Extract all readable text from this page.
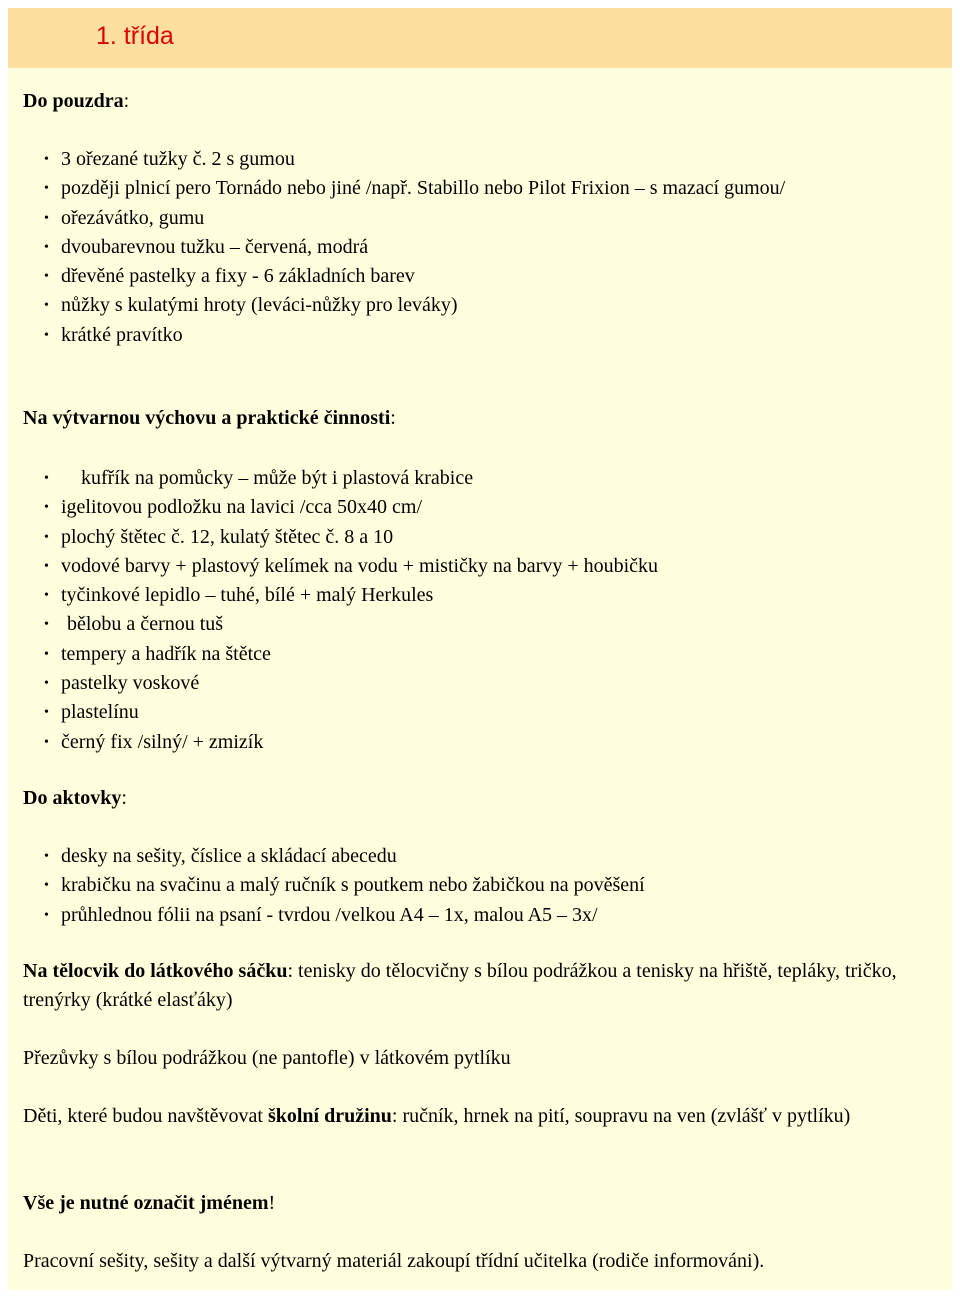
1. třída
Do pouzdra:
• 3 ořezané tužky č. 2 s gumou
• později plnicí pero Tornádo nebo jiné /např. Stabillo nebo Pilot Frixion – s mazací gumou/
• ořezávátko, gumu
• dvoubarevnou tužku – červená, modrá
• dřevěné pastelky a fixy - 6 základních barev
• nůžky s kulatými hroty (leváci-nůžky pro leváky)
• krátké pravítko
Na výtvarnou výchovu a praktické činnosti:
•	kufřík na pomůcky – může být i plastová krabice
• igelitovou podložku na lavici /cca 50x40 cm/
• plochý štětec č. 12, kulatý štětec č. 8 a 10
• vodové barvy + plastový kelímek na vodu + mističky na barvy + houbičku
• tyčinkové lepidlo – tuhé, bílé + malý Herkules
• bělobu a černou tuš
• tempery a hadřík na štětce
• pastelky voskové
• plastelínu
• černý fix /silný/ + zmizík
Do aktovky:
• desky na sešity, číslice a skládací abecedu
• krabičku na svačinu a malý ručník s poutkem nebo žabičkou na pověšení
• průhlednou fólii na psaní - tvrdou /velkou A4 – 1x, malou A5 – 3x/

Na tělocvik do látkového sáčku: tenisky do tělocvičny s bílou podrážkou a tenisky na hřiště, tepláky, tričko, trenýrky (krátké elasťáky)

Přezůvky s bílou podrážkou (ne pantofle) v látkovém pytlíku

Děti, které budou navštěvovat školní družinu: ručník, hrnek na pití, soupravu na ven (zvlášť v pytlíku)

Vše je nutné označit jménem!

Pracovní sešity, sešity a další výtvarný materiál zakoupí třídní učitelka (rodiče informováni).
